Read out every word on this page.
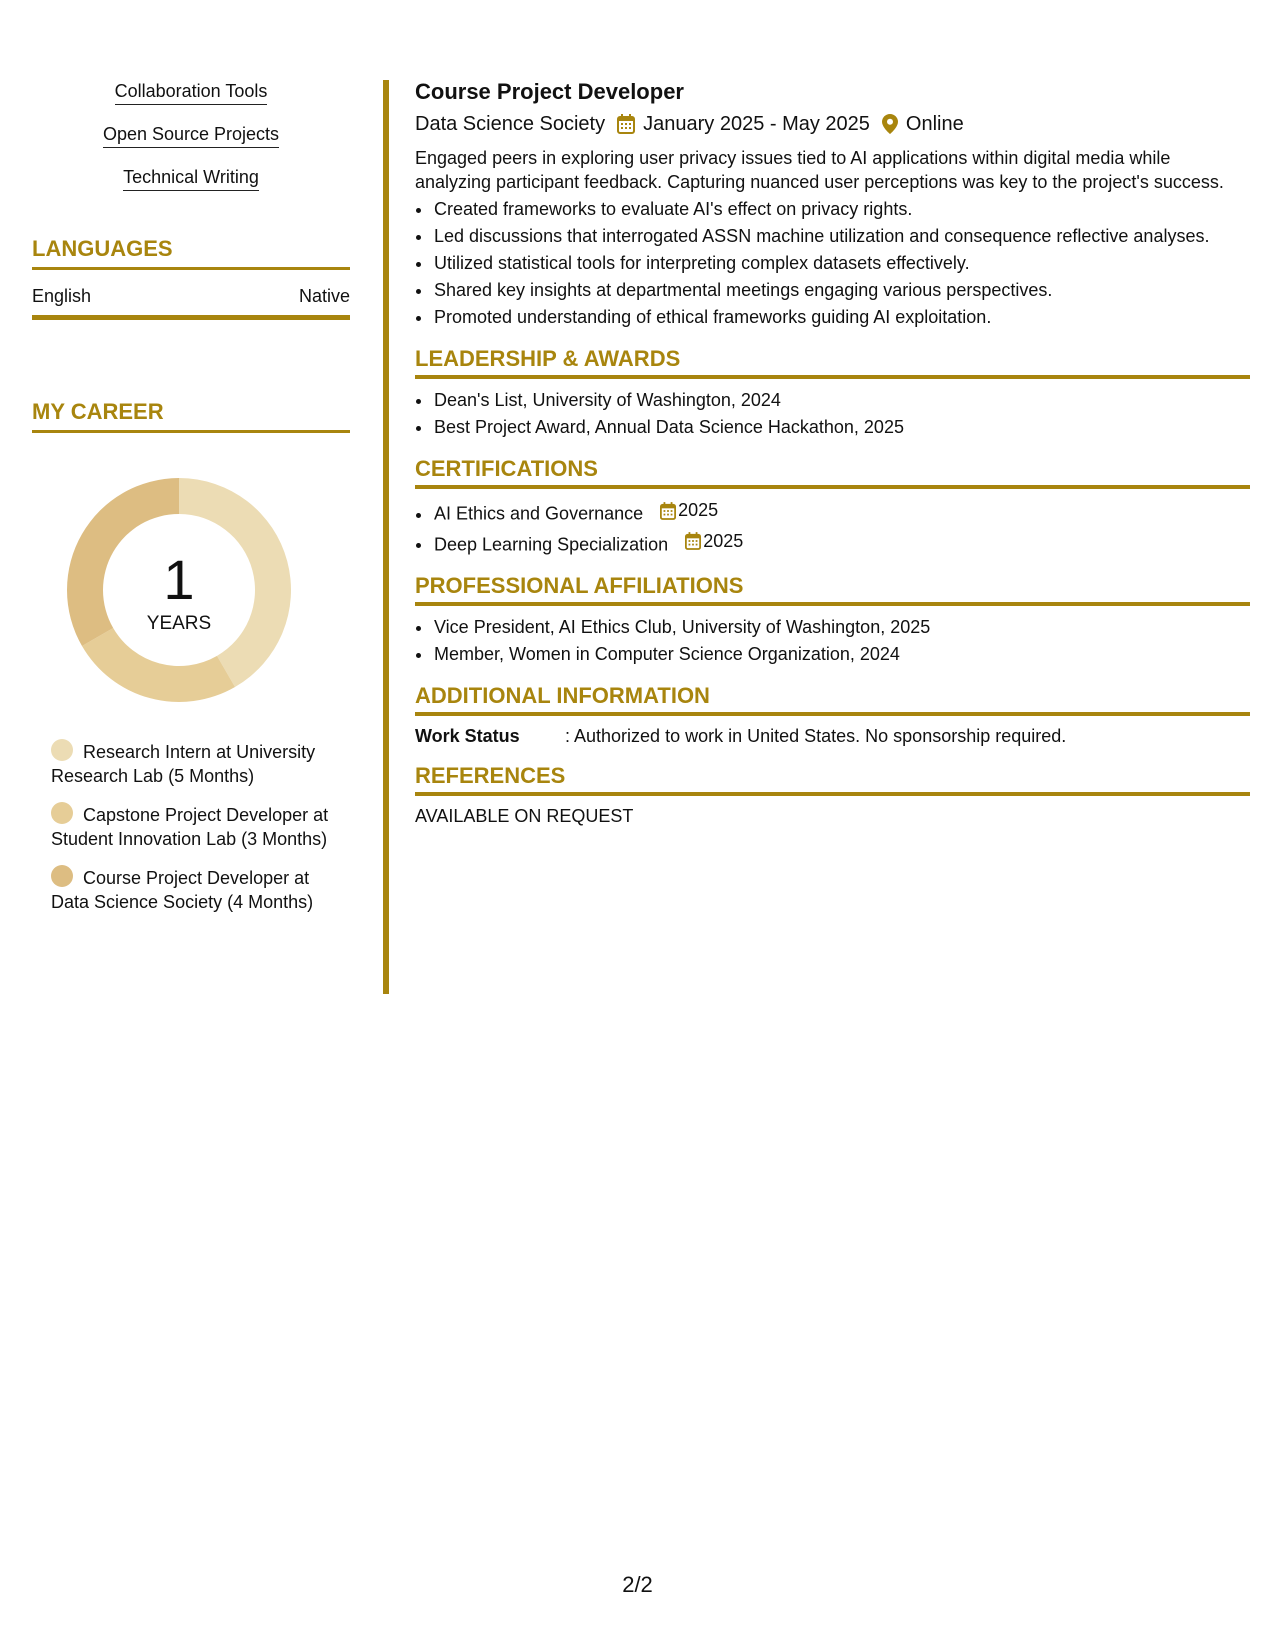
Collaboration Tools
Open Source Projects
Technical Writing
LANGUAGES
English	Native
MY CAREER
1
YEARS
Research Intern at University Research Lab (5 Months)
Capstone Project Developer at Student Innovation Lab (3 Months)
Course Project Developer at Data Science Society (4 Months)
Course Project Developer
Data Science Society January 2025 - May 2025 Online
Engaged peers in exploring user privacy issues tied to AI applications within digital media while analyzing participant feedback. Capturing nuanced user perceptions was key to the project's success.
• Created frameworks to evaluate AI's effect on privacy rights.
• Led discussions that interrogated ASSN machine utilization and consequence reflective analyses.
• Utilized statistical tools for interpreting complex datasets effectively.
• Shared key insights at departmental meetings engaging various perspectives.
• Promoted understanding of ethical frameworks guiding AI exploitation.
LEADERSHIP & AWARDS
• Dean's List, University of Washington, 2024
• Best Project Award, Annual Data Science Hackathon, 2025
CERTIFICATIONS
• AI Ethics and Governance 2025
• Deep Learning Specialization 2025
PROFESSIONAL AFFILIATIONS
• Vice President, AI Ethics Club, University of Washington, 2025
• Member, Women in Computer Science Organization, 2024
ADDITIONAL INFORMATION
Work Status	: Authorized to work in United States. No sponsorship required.
REFERENCES
AVAILABLE ON REQUEST
2/2
